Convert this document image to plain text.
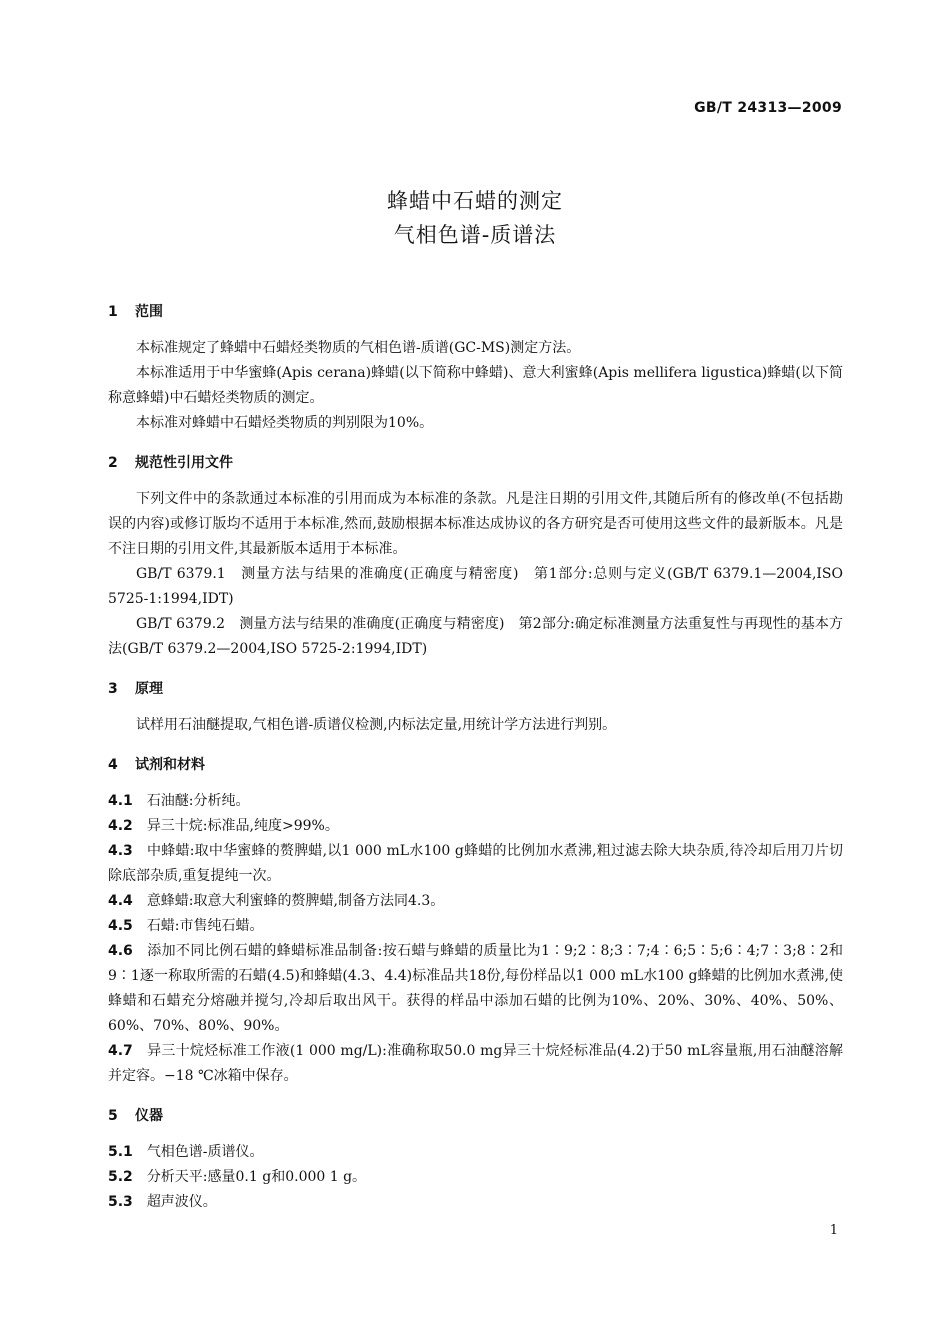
GB/T 24313—2009
蜂蜡中石蜡的测定
气相色谱-质谱法
1 范围

本标准规定了蜂蜡中石蜡烃类物质的气相色谱-质谱(GC-MS)测定方法。

本标准适用于中华蜜蜂(Apis cerana)蜂蜡(以下简称中蜂蜡)、意大利蜜蜂(Apis mellifera ligustica)蜂蜡(以下简称意蜂蜡)中石蜡烃类物质的测定。

本标准对蜂蜡中石蜡烃类物质的判别限为10%。

2 规范性引用文件

下列文件中的条款通过本标准的引用而成为本标准的条款。凡是注日期的引用文件,其随后所有的修改单(不包括勘误的内容)或修订版均不适用于本标准,然而,鼓励根据本标准达成协议的各方研究是否可使用这些文件的最新版本。凡是不注日期的引用文件,其最新版本适用于本标准。

GB/T 6379.1　测量方法与结果的准确度(正确度与精密度)　第1部分:总则与定义(GB/T 6379.1—2004,ISO 5725-1:1994,IDT)

GB/T 6379.2　测量方法与结果的准确度(正确度与精密度)　第2部分:确定标准测量方法重复性与再现性的基本方法(GB/T 6379.2—2004,ISO 5725-2:1994,IDT)

3 原理

试样用石油醚提取,气相色谱-质谱仪检测,内标法定量,用统计学方法进行判别。

4 试剂和材料

4.1 石油醚:分析纯。

4.2 异三十烷:标准品,纯度>99%。

4.3 中蜂蜡:取中华蜜蜂的赘脾蜡,以1 000 mL水100 g蜂蜡的比例加水煮沸,粗过滤去除大块杂质,待冷却后用刀片切除底部杂质,重复提纯一次。

4.4 意蜂蜡:取意大利蜜蜂的赘脾蜡,制备方法同4.3。

4.5 石蜡:市售纯石蜡。

4.6 添加不同比例石蜡的蜂蜡标准品制备:按石蜡与蜂蜡的质量比为1∶9;2∶8;3∶7;4∶6;5∶5;6∶4;7∶3;8∶2和9∶1逐一称取所需的石蜡(4.5)和蜂蜡(4.3、4.4)标准品共18份,每份样品以1 000 mL水100 g蜂蜡的比例加水煮沸,使蜂蜡和石蜡充分熔融并搅匀,冷却后取出风干。获得的样品中添加石蜡的比例为10%、20%、30%、40%、50%、60%、70%、80%、90%。

4.7 异三十烷烃标准工作液(1 000 mg/L):准确称取50.0 mg异三十烷烃标准品(4.2)于50 mL容量瓶,用石油醚溶解并定容。−18 ℃冰箱中保存。

5 仪器

5.1 气相色谱-质谱仪。

5.2 分析天平:感量0.1 g和0.000 1 g。

5.3 超声波仪。

1
